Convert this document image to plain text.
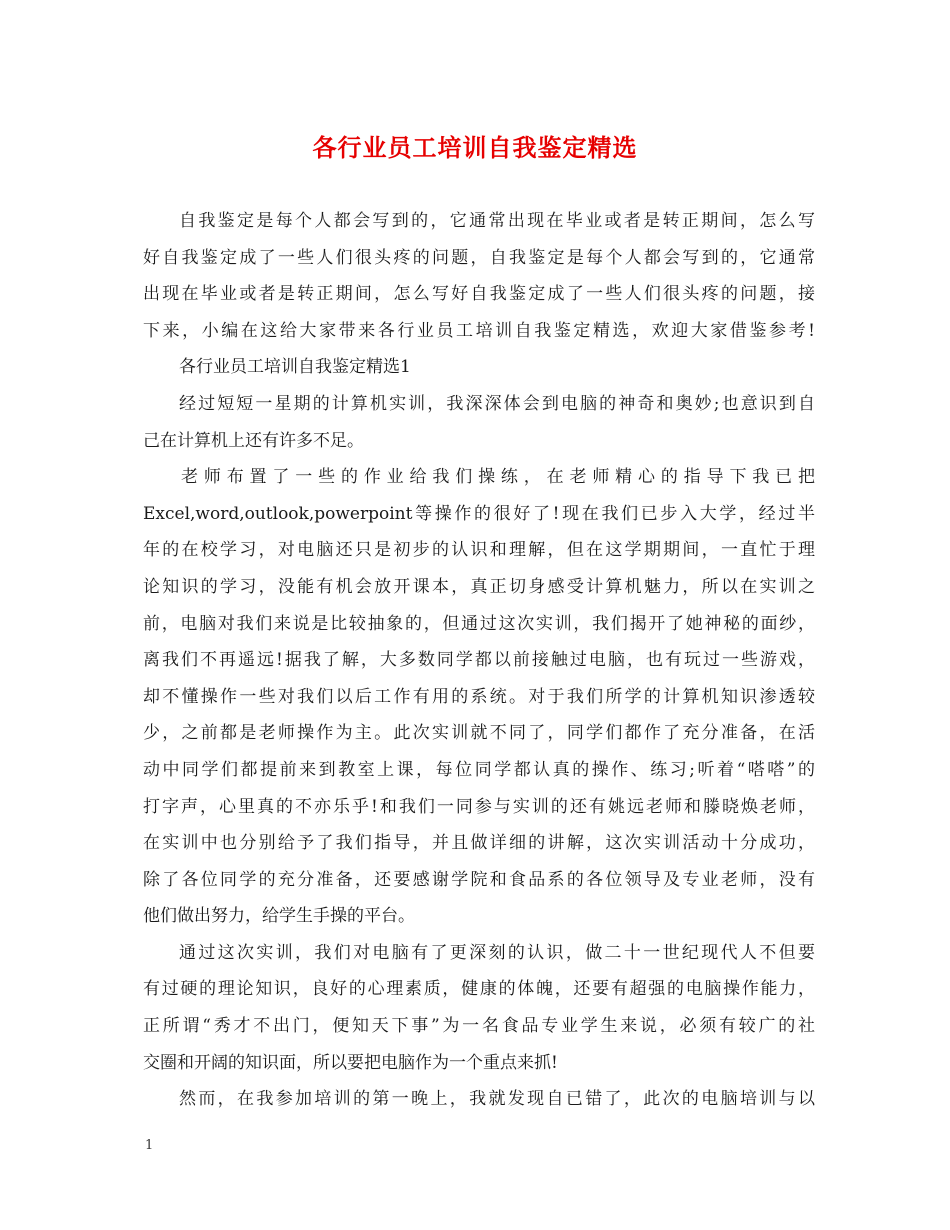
各行业员工培训自我鉴定精选
自我鉴定是每个人都会写到的，它通常出现在毕业或者是转正期间，怎么写
好自我鉴定成了一些人们很头疼的问题，自我鉴定是每个人都会写到的，它通常
出现在毕业或者是转正期间，怎么写好自我鉴定成了一些人们很头疼的问题，接
下来，小编在这给大家带来各行业员工培训自我鉴定精选，欢迎大家借鉴参考!
各行业员工培训自我鉴定精选1
经过短短一星期的计算机实训，我深深体会到电脑的神奇和奥妙;也意识到自
己在计算机上还有许多不足。
老师布置了一些的作业给我们操练，在老师精心的指导下我已把
Excel,word,outlook,powerpoint等操作的很好了!现在我们已步入大学，经过半
年的在校学习，对电脑还只是初步的认识和理解，但在这学期期间，一直忙于理
论知识的学习，没能有机会放开课本，真正切身感受计算机魅力，所以在实训之
前，电脑对我们来说是比较抽象的，但通过这次实训，我们揭开了她神秘的面纱，
离我们不再遥远!据我了解，大多数同学都以前接触过电脑，也有玩过一些游戏，
却不懂操作一些对我们以后工作有用的系统。对于我们所学的计算机知识渗透较
少，之前都是老师操作为主。此次实训就不同了，同学们都作了充分准备，在活
动中同学们都提前来到教室上课，每位同学都认真的操作、练习;听着“嗒嗒”的
打字声，心里真的不亦乐乎!和我们一同参与实训的还有姚远老师和滕晓焕老师，
在实训中也分别给予了我们指导，并且做详细的讲解，这次实训活动十分成功，
除了各位同学的充分准备，还要感谢学院和食品系的各位领导及专业老师，没有
他们做出努力，给学生手操的平台。
通过这次实训，我们对电脑有了更深刻的认识，做二十一世纪现代人不但要
有过硬的理论知识，良好的心理素质，健康的体魄，还要有超强的电脑操作能力，
正所谓“秀才不出门，便知天下事”为一名食品专业学生来说，必须有较广的社
交圈和开阔的知识面，所以要把电脑作为一个重点来抓!
然而，在我参加培训的第一晚上，我就发现自已错了，此次的电脑培训与以
1
